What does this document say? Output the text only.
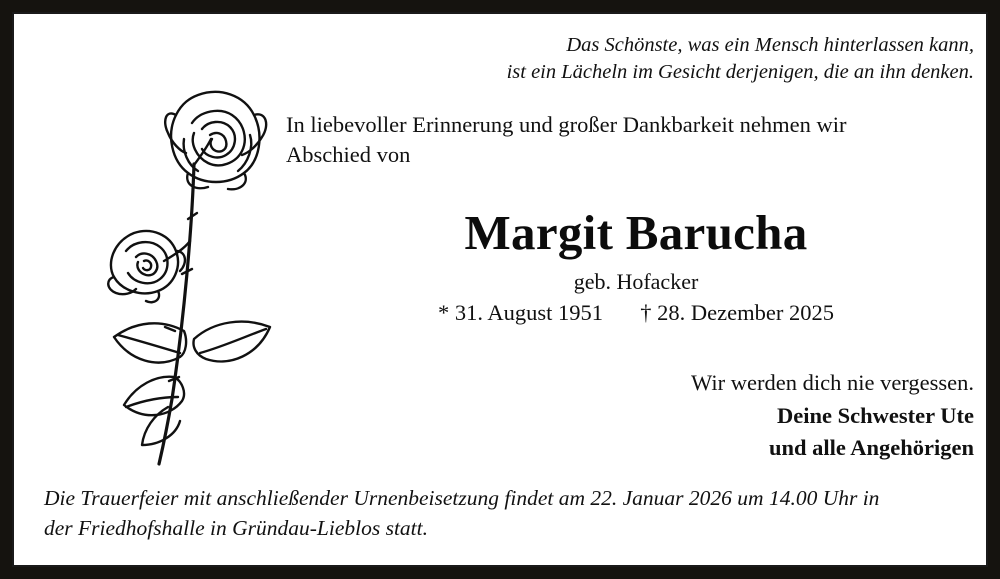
Das Schönste, was ein Mensch hinterlassen kann,
ist ein Lächeln im Gesicht derjenigen, die an ihn denken.
In liebevoller Erinnerung und großer Dankbarkeit nehmen wir
Abschied von
Margit Barucha
geb. Hofacker
* 31. August 1951 † 28. Dezember 2025
Wir werden dich nie vergessen.
Deine Schwester Ute
und alle Angehörigen
Die Trauerfeier mit anschließender Urnenbeisetzung findet am 22. Januar 2026 um 14.00 Uhr in
der Friedhofshalle in Gründau-Lieblos statt.
